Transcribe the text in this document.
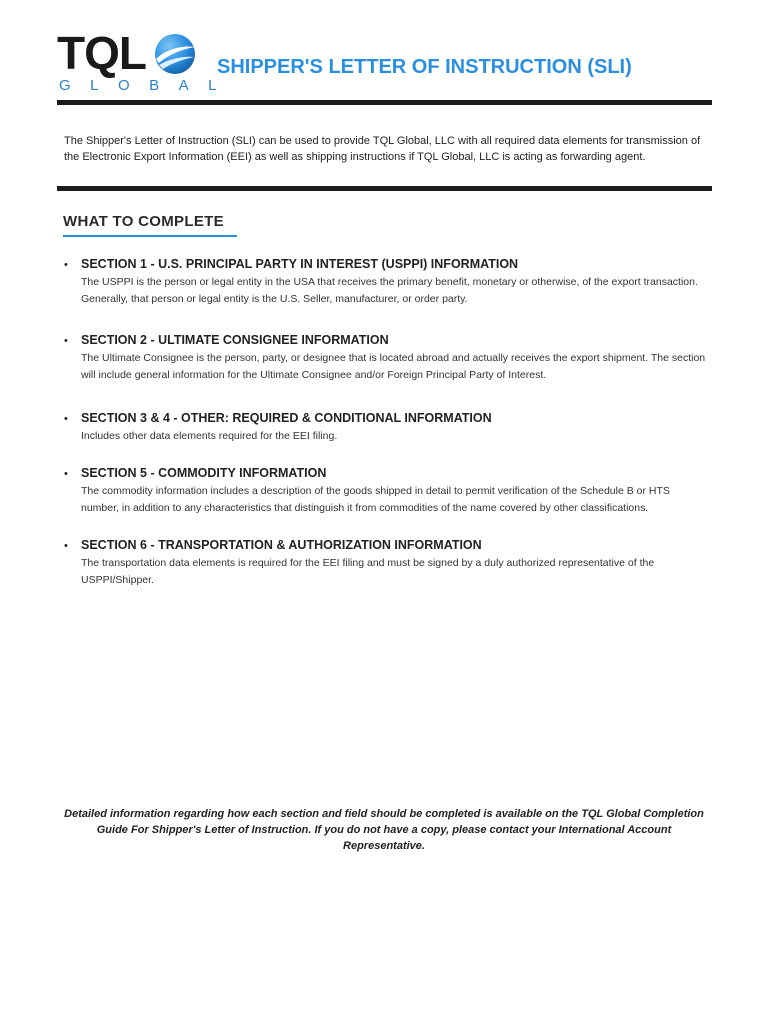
TQL
GLOBAL
SHIPPER'S LETTER OF INSTRUCTION (SLI)

The Shipper's Letter of Instruction (SLI) can be used to provide TQL Global, LLC with all required data elements for transmission of the Electronic Export Information (EEI) as well as shipping instructions if TQL Global, LLC is acting as forwarding agent.

WHAT TO COMPLETE
• SECTION 1 - U.S. PRINCIPAL PARTY IN INTEREST (USPPI) INFORMATION
The USPPI is the person or legal entity in the USA that receives the primary benefit, monetary or otherwise, of the export transaction. Generally, that person or legal entity is the U.S. Seller, manufacturer, or order party.
• SECTION 2 - ULTIMATE CONSIGNEE INFORMATION
The Ultimate Consignee is the person, party, or designee that is located abroad and actually receives the export shipment. The section will include general information for the Ultimate Consignee and/or Foreign Principal Party of Interest.
• SECTION 3 & 4 - OTHER: REQUIRED & CONDITIONAL INFORMATION
Includes other data elements required for the EEI filing.
• SECTION 5 - COMMODITY INFORMATION
The commodity information includes a description of the goods shipped in detail to permit verification of the Schedule B or HTS number, in addition to any characteristics that distinguish it from commodities of the name covered by other classifications.
• SECTION 6 - TRANSPORTATION & AUTHORIZATION INFORMATION
The transportation data elements is required for the EEI filing and must be signed by a duly authorized representative of the USPPI/Shipper.

Detailed information regarding how each section and field should be completed is available on the TQL Global Completion Guide For Shipper's Letter of Instruction. If you do not have a copy, please contact your International Account Representative.
